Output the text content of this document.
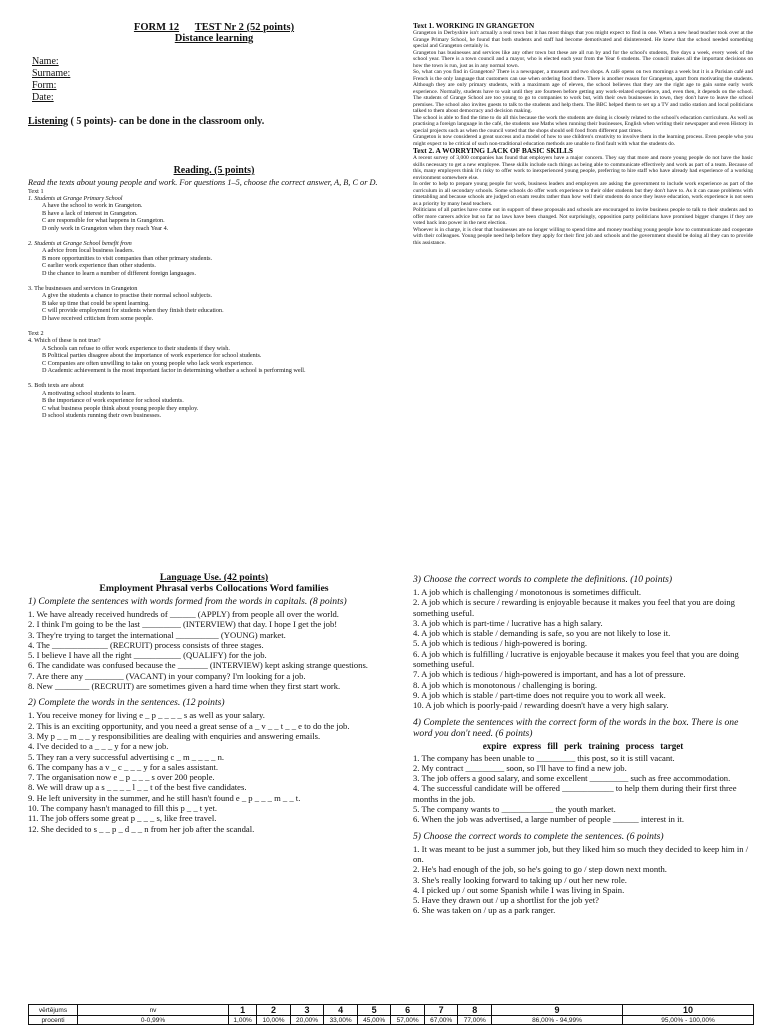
FORM 12 TEST Nr 2 (52 points)
Distance learning
Name:
Surname:
Form:
Date:
Listening ( 5 points)- can be done in the classroom only.
Reading. (5 points)
Read the texts about young people and work. For questions 1–5, choose the correct answer, A, B, C or D.
Text 1
1. Students at Grange Primary School
A have the school to work in Grangeton.
B have a lack of interest in Grangeton.
C are responsible for what happens in Grangeton.
D only work in Grangeton when they reach Year 4.
2. Students at Grange School benefit from
A advice from local business leaders.
B more opportunities to visit companies than other primary students.
C earlier work experience than other students.
D the chance to learn a number of different foreign languages.
3. The businesses and services in Grangeton
A give the students a chance to practise their normal school subjects.
B take up time that could be spent learning.
C will provide employment for students when they finish their education.
D have received criticism from some people.
Text 2
4. Which of these is not true?
A Schools can refuse to offer work experience to their students if they wish.
B Political parties disagree about the importance of work experience for school students.
C Companies are often unwilling to take on young people who lack work experience.
D Academic achievement is the most important factor in determining whether a school is performing well.
5. Both texts are about
A motivating school students to learn.
B the importance of work experience for school students.
C what business people think about young people they employ.
D school students running their own businesses.
Text 1. WORKING IN GRANGETON
Grangeton in Derbyshire isn't actually a real town but it has most things that you might expect to find in one. When a new head teacher took over at the Grange Primary School, he found that both students and staff had become demotivated and disinterested. He knew that the school needed something special and Grangeton certainly is.
Grangeton has businesses and services like any other town but these are all run by and for the school's students, five days a week, every week of the school year. There is a town council and a mayor, who is elected each year from the Year 6 students. The council makes all the important decisions on how the town is run, just as in any normal town.
So, what can you find in Grangeton? There is a newspaper, a museum and two shops. A café opens on two mornings a week but it is a Parisian café and French is the only language that customers can use when ordering food there. There is another reason for Grangeton, apart from motivating the students. Although they are only primary students, with a maximum age of eleven, the school believes that they are the right age to gain some early work experience. Normally, students have to wait until they are fourteen before getting any work-related experience, and, even then, it depends on the school. The students of Grange School are too young to go to companies to work but, with their own businesses in town, they don't have to leave the school premises. The school also invites guests to talk to the students and help them. The BBC helped them to set up a TV and radio station and local politicians talked to them about democracy and decision making.
The school is able to find the time to do all this because the work the students are doing is closely related to the school's education curriculum. As well as practising a foreign language in the café, the students use Maths when running their businesses, English when writing their newspaper and even History in special projects such as when the council voted that the shops should sell food from different past times.
Grangeton is now considered a great success and a model of how to use children's creativity to involve them in the learning process. Even people who you might expect to be critical of such non-traditional education methods are unable to find fault with what the students do.
Text 2. A WORRYING LACK OF BASIC SKILLS
A recent survey of 3,000 companies has found that employers have a major concern. They say that more and more young people do not have the basic skills necessary to get a new employee. These skills include such things as being able to communicate effectively and work as part of a team. Because of this, many employers think it's risky to offer work to inexperienced young people, preferring to hire staff who have already had experience of a working environment somewhere else.
In order to help to prepare young people for work, business leaders and employers are asking the government to include work experience as part of the curriculum in all secondary schools. Some schools do offer work experience to their older students but they don't have to. As it can cause problems with timetabling and because schools are judged on exam results rather than how well their students do once they leave education, work experience is not seen as a priority by many head teachers.
Politicians of all parties have come out in support of these proposals and schools are encouraged to invite business people to talk to their students and to offer more careers advice but so far no laws have been changed. Not surprisingly, opposition party politicians have promised bigger changes if they are voted back into power in the next election.
Whoever is in charge, it is clear that businesses are no longer willing to spend time and money teaching young people how to communicate and cooperate with their colleagues. Young people need help before they apply for their first job and schools and the government should be doing all they can to provide this assistance.
Language Use. (42 points)
Employment Phrasal verbs Collocations Word families
1) Complete the sentences with words formed from the words in capitals. (8 points)
1. We have already received hundreds of ______ (APPLY) from people all over the world.
2. I think I'm going to be the last _________ (INTERVIEW) that day. I hope I get the job!
3. They're trying to target the international __________ (YOUNG) market.
4. The _____________ (RECRUIT) process consists of three stages.
5. I believe I have all the right ___________ (QUALIFY) for the job.
6. The candidate was confused because the _______ (INTERVIEW) kept asking strange questions.
7. Are there any _________ (VACANT) in your company? I'm looking for a job.
8. New ________ (RECRUIT) are sometimes given a hard time when they first start work.
2) Complete the words in the sentences. (12 points)
1. You receive money for living e _ p _ _ _ _ s as well as your salary.
2. This is an exciting opportunity, and you need a great sense of a _ v _ _ t _ _ e to do the job.
3. My p _ _ m _ _ y responsibilities are dealing with enquiries and answering emails.
4. I've decided to a _ _ _ y for a new job.
5. They ran a very successful advertising c _ m _ _ _ _ n.
6. The company has a v _ c _ _ _ y for a sales assistant.
7. The organisation now e _ p _ _ _ s over 200 people.
8. We will draw up a s _ _ _ _ l _ _ t of the best five candidates.
9. He left university in the summer, and he still hasn't found e _ p _ _ _ m _ _ t.
10. The company hasn't managed to fill this p _ _ t yet.
11. The job offers some great p _ _ _ s, like free travel.
12. She decided to s _ _ p _ d _ _ n from her job after the scandal.
3) Choose the correct words to complete the definitions. (10 points)
1. A job which is challenging / monotonous is sometimes difficult.
2. A job which is secure / rewarding is enjoyable because it makes you feel that you are doing something useful.
3. A job which is part-time / lucrative has a high salary.
4. A job which is stable / demanding is safe, so you are not likely to lose it.
5. A job which is tedious / high-powered is boring.
6. A job which is fulfilling / lucrative is enjoyable because it makes you feel that you are doing something useful.
7. A job which is tedious / high-powered is important, and has a lot of pressure.
8. A job which is monotonous / challenging is boring.
9. A job which is stable / part-time does not require you to work all week.
10. A job which is poorly-paid / rewarding doesn't have a very high salary.
4) Complete the sentences with the correct form of the words in the box. There is one word you don't need. (6 points)
expire express fill perk training process target
1. The company has been unable to _________ this post, so it is still vacant.
2. My contract _________ soon, so I'll have to find a new job.
3. The job offers a good salary, and some excellent _________ such as free accommodation.
4. The successful candidate will be offered ____________ to help them during their first three months in the job.
5. The company wants to ____________ the youth market.
6. When the job was advertised, a large number of people ______ interest in it.
5) Choose the correct words to complete the sentences. (6 points)
1. It was meant to be just a summer job, but they liked him so much they decided to keep him in / on.
2. He's had enough of the job, so he's going to go / step down next month.
3. She's really looking forward to taking up / out her new role.
4. I picked up / out some Spanish while I was living in Spain.
5. Have they drawn out / up a shortlist for the job yet?
6. She was taken on / up as a park ranger.
vērtējums	nv	1	2	3	4	5	6	7	8	9	10
procenti	0-0,99%	1,00%	10,00%	20,00%	33,00%	45,00%	57,00%	67,00%	77,00%	86,00% - 94,99%	95,00% - 100,00%
